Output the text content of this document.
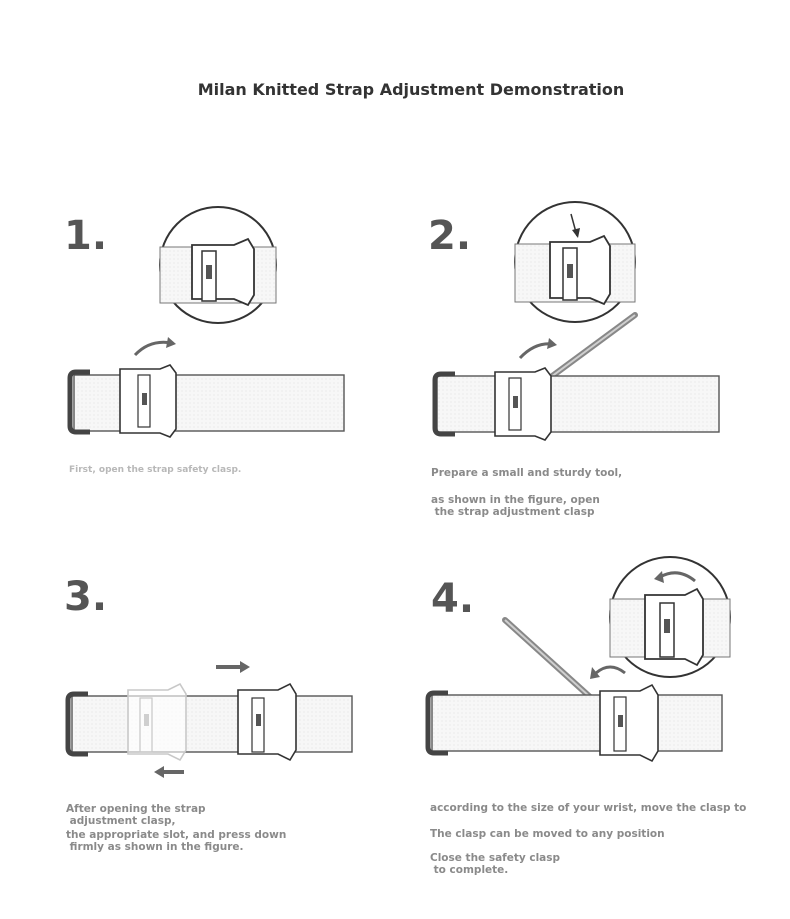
Milan Knitted Strap Adjustment Demonstration
1.
First, open the strap safety clasp.
2.
Prepare a small and sturdy tool,
as shown in the figure, open
the strap adjustment clasp
3.
After opening the strap
adjustment clasp,
the appropriate slot, and press down
firmly as shown in the figure.
4.
according to the size of your wrist, move the clasp to
The clasp can be moved to any position
Close the safety clasp
to complete.
